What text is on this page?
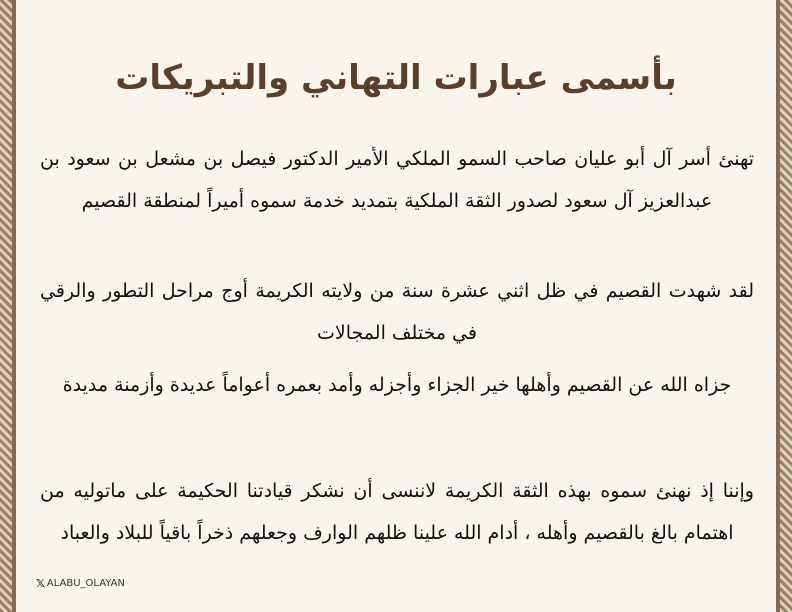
بأسمى عبارات التهاني والتبريكات
تهنئ أسر آل أبو عليان صاحب السمو الملكي الأمير الدكتور فيصل بن مشعل بن سعود بن عبدالعزيز آل سعود لصدور الثقة الملكية بتمديد خدمة سموه أميراً لمنطقة القصيم
لقد شهدت القصيم في ظل اثني عشرة سنة من ولايته الكريمة أوج مراحل التطور والرقي في مختلف المجالات
جزاه الله عن القصيم وأهلها خير الجزاء وأجزله وأمد بعمره أعواماً عديدة وأزمنة مديدة
وإننا إذ نهنئ سموه بهذه الثقة الكريمة لاننسى أن نشكر قيادتنا الحكيمة على ماتوليه من اهتمام بالغ بالقصيم وأهله ، أدام الله علينا ظلهم الوارف وجعلهم ذخراً باقياً للبلاد والعباد
𝕏 ALABU_OLAYAN
